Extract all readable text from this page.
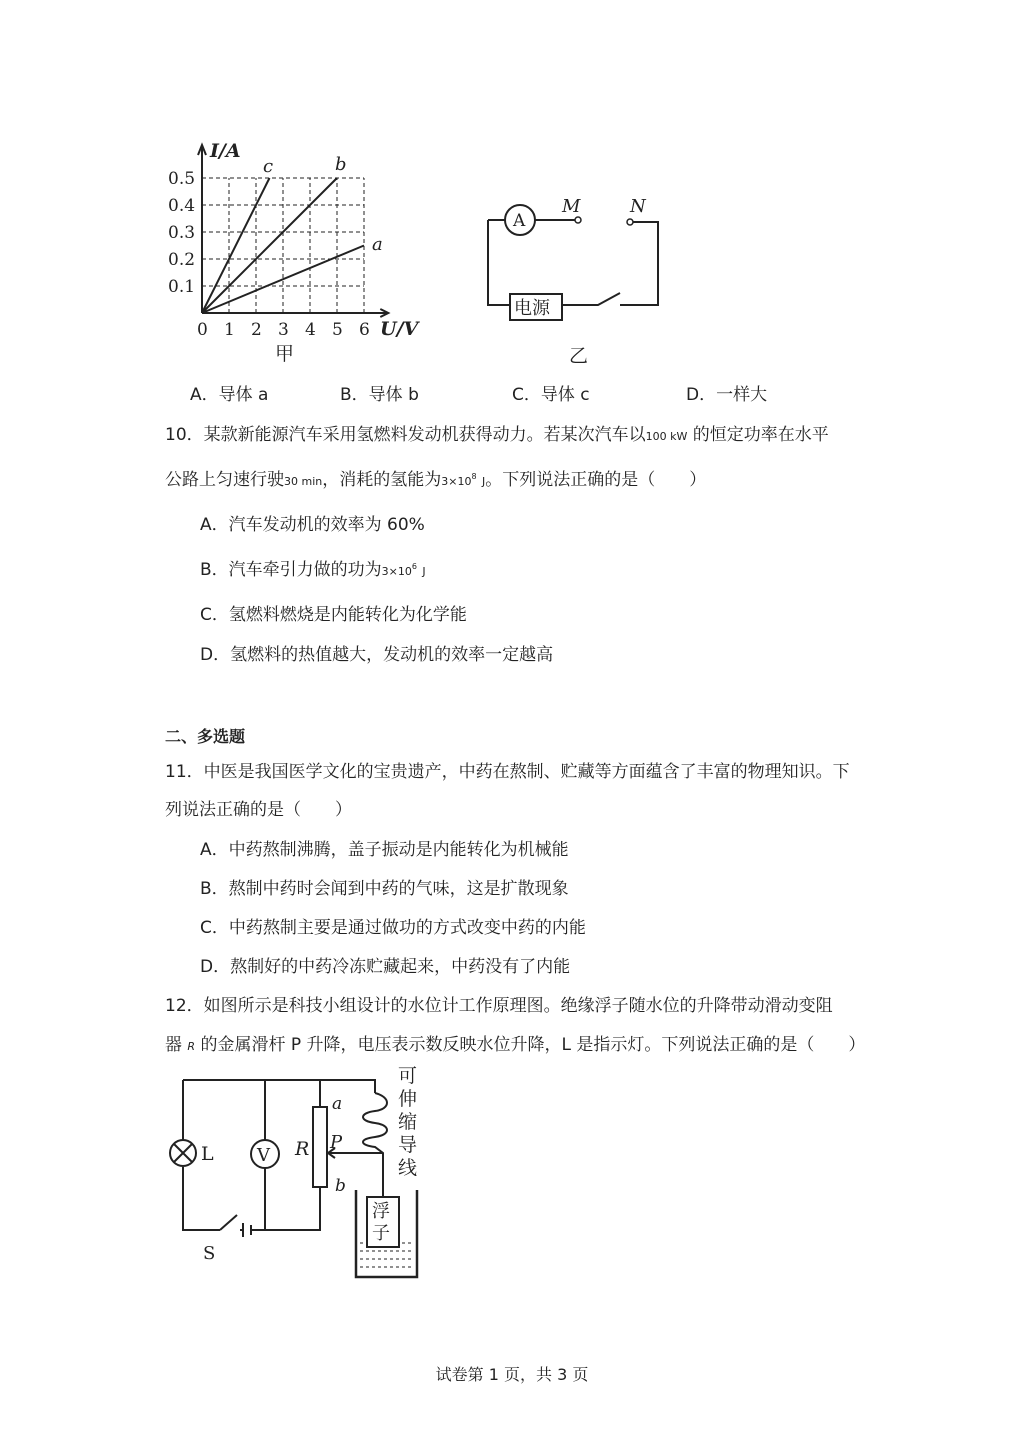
I/A
U/V
0.5
0.4
0.3
0.2
0.1
0 1 2 3 4 5 6
c	b
a
甲
A
M	N
电源
乙
A．导体 a	B．导体 b	C．导体 c	D．一样大
10．某款新能源汽车采用氢燃料发动机获得动力。若某次汽车以100 kW 的恒定功率在水平
公路上匀速行驶30 min，消耗的氢能为$3\times 10^8$ J。下列说法正确的是（　　）
A．汽车发动机的效率为 60%
B．汽车牵引力做的功为$3\times 10^6$ J
C．氢燃料燃烧是内能转化为化学能
D．氢燃料的热值越大，发动机的效率一定越高
二、多选题
11．中医是我国医学文化的宝贵遗产，中药在熬制、贮藏等方面蕴含了丰富的物理知识。下
列说法正确的是（　　）
A．中药熬制沸腾，盖子振动是内能转化为机械能
B．熬制中药时会闻到中药的气味，这是扩散现象
C．中药熬制主要是通过做功的方式改变中药的内能
D．熬制好的中药冷冻贮藏起来，中药没有了内能
12．如图所示是科技小组设计的水位计工作原理图。绝缘浮子随水位的升降带动滑动变阻
器 R 的金属滑杆 P 升降，电压表示数反映水位升降，L 是指示灯。下列说法正确的是（　　）
L V R
a
b
P
浮
子
S
可
伸
缩
导
线
试卷第 1 页，共 3 页
